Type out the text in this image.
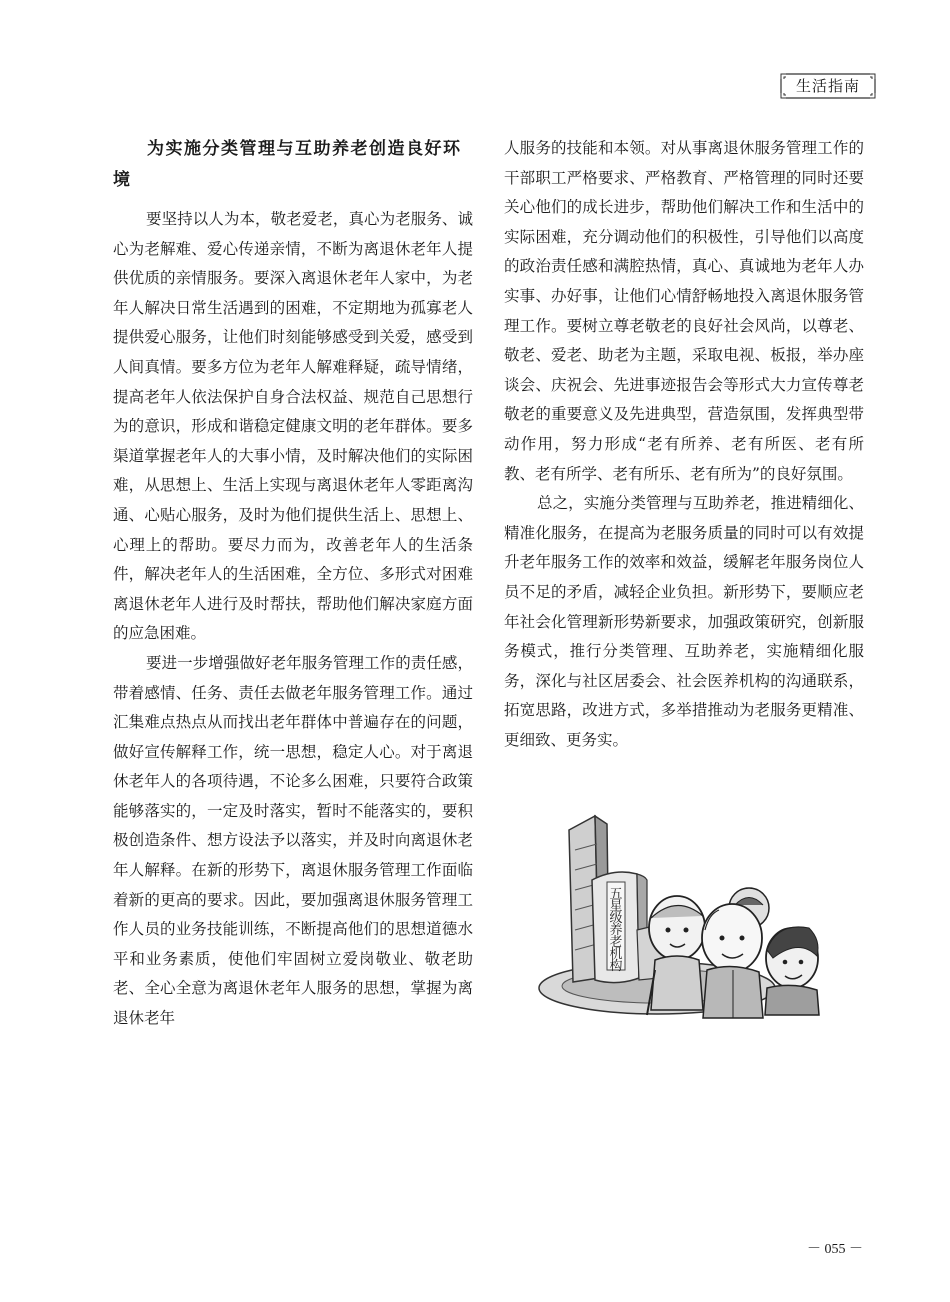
生活指南
为实施分类管理与互助养老创造良好环境

要坚持以人为本，敬老爱老，真心为老服务、诚心为老解难、爱心传递亲情，不断为离退休老年人提供优质的亲情服务。要深入离退休老年人家中，为老年人解决日常生活遇到的困难，不定期地为孤寡老人提供爱心服务，让他们时刻能够感受到关爱，感受到人间真情。要多方位为老年人解难释疑，疏导情绪，提高老年人依法保护自身合法权益、规范自己思想行为的意识，形成和谐稳定健康文明的老年群体。要多渠道掌握老年人的大事小情，及时解决他们的实际困难，从思想上、生活上实现与离退休老年人零距离沟通、心贴心服务，及时为他们提供生活上、思想上、心理上的帮助。要尽力而为，改善老年人的生活条件，解决老年人的生活困难，全方位、多形式对困难离退休老年人进行及时帮扶，帮助他们解决家庭方面的应急困难。

要进一步增强做好老年服务管理工作的责任感，带着感情、任务、责任去做老年服务管理工作。通过汇集难点热点从而找出老年群体中普遍存在的问题，做好宣传解释工作，统一思想，稳定人心。对于离退休老年人的各项待遇，不论多么困难，只要符合政策能够落实的，一定及时落实，暂时不能落实的，要积极创造条件、想方设法予以落实，并及时向离退休老年人解释。在新的形势下，离退休服务管理工作面临着新的更高的要求。因此，要加强离退休服务管理工作人员的业务技能训练，不断提高他们的思想道德水平和业务素质，使他们牢固树立爱岗敬业、敬老助老、全心全意为离退休老年人服务的思想，掌握为离退休老年

人服务的技能和本领。对从事离退休服务管理工作的干部职工严格要求、严格教育、严格管理的同时还要关心他们的成长进步，帮助他们解决工作和生活中的实际困难，充分调动他们的积极性，引导他们以高度的政治责任感和满腔热情，真心、真诚地为老年人办实事、办好事，让他们心情舒畅地投入离退休服务管理工作。要树立尊老敬老的良好社会风尚，以尊老、敬老、爱老、助老为主题，采取电视、板报，举办座谈会、庆祝会、先进事迹报告会等形式大力宣传尊老敬老的重要意义及先进典型，营造氛围，发挥典型带动作用，努力形成“老有所养、老有所医、老有所教、老有所学、老有所乐、老有所为”的良好氛围。

总之，实施分类管理与互助养老，推进精细化、精准化服务，在提高为老服务质量的同时可以有效提升老年服务工作的效率和效益，缓解老年服务岗位人员不足的矛盾，减轻企业负担。新形势下，要顺应老年社会化管理新形势新要求，加强政策研究，创新服务模式，推行分类管理、互助养老，实施精细化服务，深化与社区居委会、社会医养机构的沟通联系，拓宽思路，改进方式，多举措推动为老服务更精准、更细致、更务实。

五星级养老机构
－ 055 －
